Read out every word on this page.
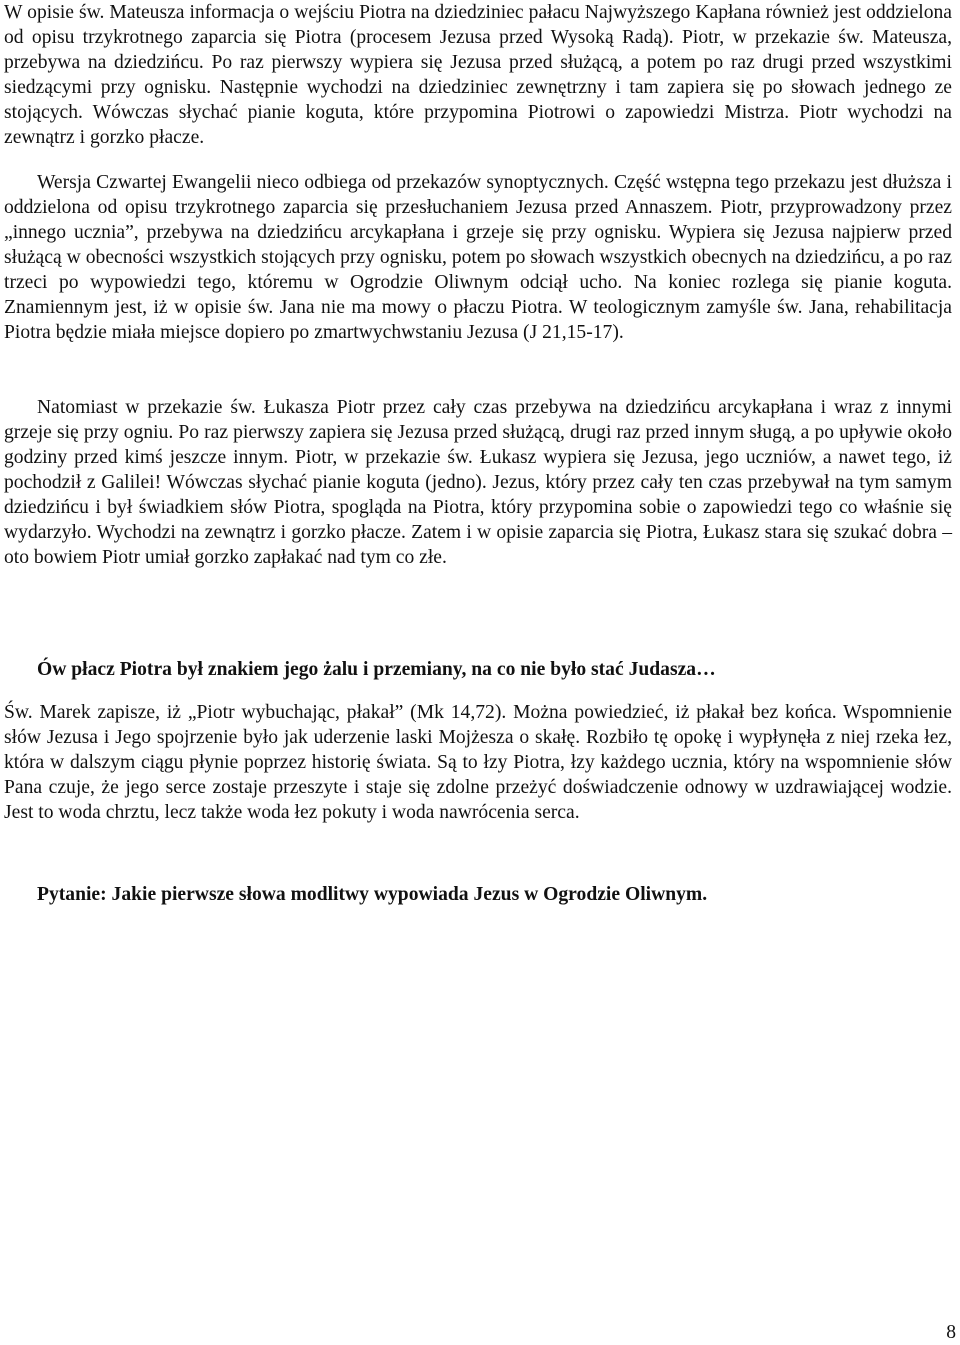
W opisie św. Mateusza informacja o wejściu Piotra na dziedziniec pałacu Najwyższego Kapłana również jest oddzielona od opisu trzykrotnego zaparcia się Piotra (procesem Jezusa przed Wysoką Radą). Piotr, w przekazie św. Mateusza, przebywa na dziedzińcu. Po raz pierwszy wypiera się Jezusa przed służącą, a potem po raz drugi przed wszystkimi siedzącymi przy ognisku. Następnie wychodzi na dziedziniec zewnętrzny i tam zapiera się po słowach jednego ze stojących. Wówczas słychać pianie koguta, które przypomina Piotrowi o zapowiedzi Mistrza. Piotr wychodzi na zewnątrz i gorzko płacze.

Wersja Czwartej Ewangelii nieco odbiega od przekazów synoptycznych. Część wstępna tego przekazu jest dłuższa i oddzielona od opisu trzykrotnego zaparcia się przesłuchaniem Jezusa przed Annaszem. Piotr, przyprowadzony przez „innego ucznia”, przebywa na dziedzińcu arcykapłana i grzeje się przy ognisku. Wypiera się Jezusa najpierw przed służącą w obecności wszystkich stojących przy ognisku, potem po słowach wszystkich obecnych na dziedzińcu, a po raz trzeci po wypowiedzi tego, któremu w Ogrodzie Oliwnym odciął ucho. Na koniec rozlega się pianie koguta. Znamiennym jest, iż w opisie św. Jana nie ma mowy o płaczu Piotra. W teologicznym zamyśle św. Jana, rehabilitacja Piotra będzie miała miejsce dopiero po zmartwychwstaniu Jezusa (J 21,15-17).

Natomiast w przekazie św. Łukasza Piotr przez cały czas przebywa na dziedzińcu arcykapłana i wraz z innymi grzeje się przy ogniu. Po raz pierwszy zapiera się Jezusa przed służącą, drugi raz przed innym sługą, a po upływie około godziny przed kimś jeszcze innym. Piotr, w przekazie św. Łukasz wypiera się Jezusa, jego uczniów, a nawet tego, iż pochodził z Galilei! Wówczas słychać pianie koguta (jedno). Jezus, który przez cały ten czas przebywał na tym samym dziedzińcu i był świadkiem słów Piotra, spogląda na Piotra, który przypomina sobie o zapowiedzi tego co właśnie się wydarzyło. Wychodzi na zewnątrz i gorzko płacze. Zatem i w opisie zaparcia się Piotra, Łukasz stara się szukać dobra – oto bowiem Piotr umiał gorzko zapłakać nad tym co złe.

Ów płacz Piotra był znakiem jego żalu i przemiany, na co nie było stać Judasza…

Św. Marek zapisze, iż „Piotr wybuchając, płakał” (Mk 14,72). Można powiedzieć, iż płakał bez końca. Wspomnienie słów Jezusa i Jego spojrzenie było jak uderzenie laski Mojżesza o skałę. Rozbiło tę opokę i wypłynęła z niej rzeka łez, która w dalszym ciągu płynie poprzez historię świata. Są to łzy Piotra, łzy każdego ucznia, który na wspomnienie słów Pana czuje, że jego serce zostaje przeszyte i staje się zdolne przeżyć doświadczenie odnowy w uzdrawiającej wodzie. Jest to woda chrztu, lecz także woda łez pokuty i woda nawrócenia serca.

Pytanie: Jakie pierwsze słowa modlitwy wypowiada Jezus w Ogrodzie Oliwnym.

8
